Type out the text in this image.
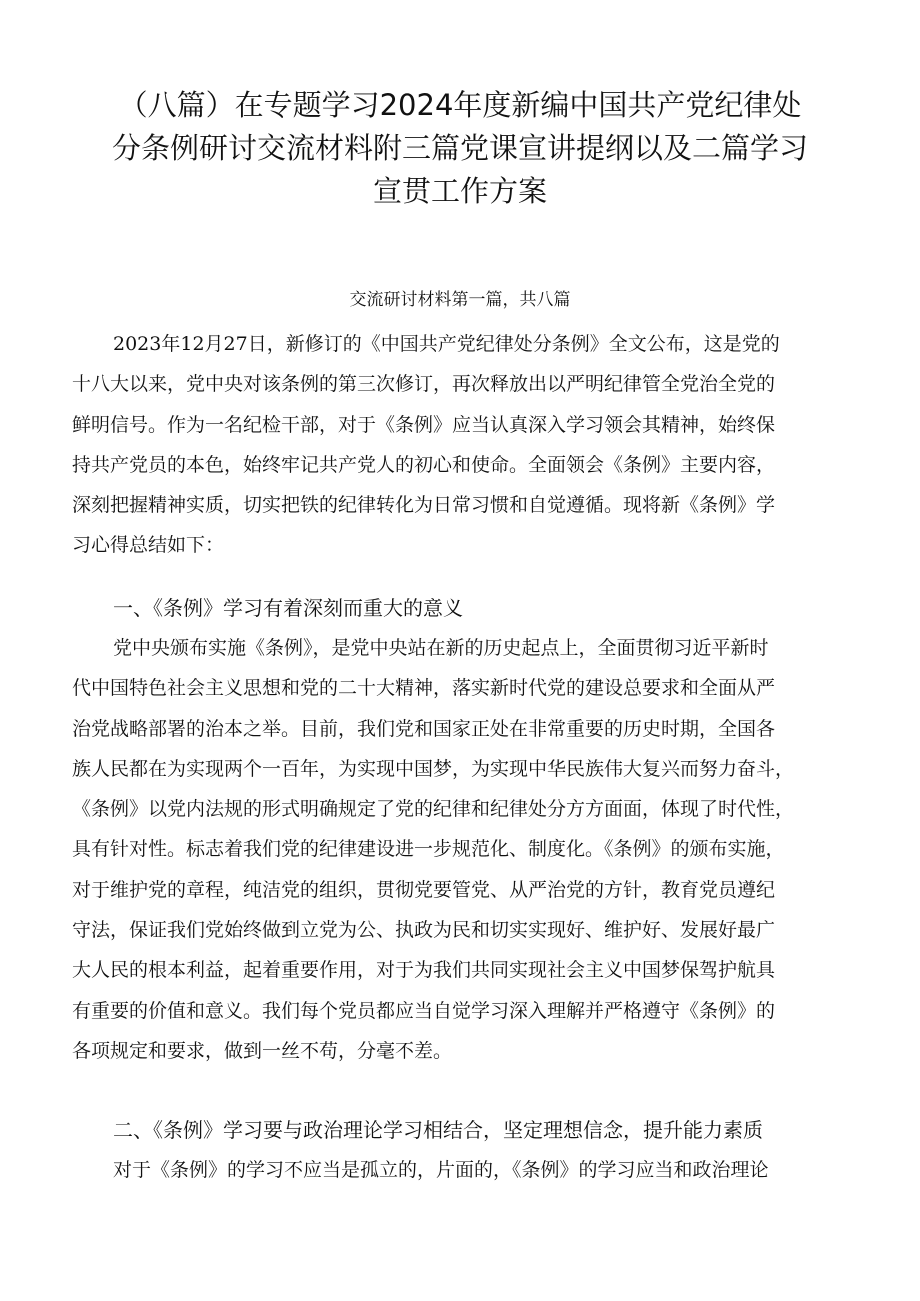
（八篇）在专题学习2024年度新编中国共产党纪律处
分条例研讨交流材料附三篇党课宣讲提纲以及二篇学习
宣贯工作方案

交流研讨材料第一篇，共八篇

2023年12月27日，新修订的《中国共产党纪律处分条例》全文公布，这是党的
十八大以来，党中央对该条例的第三次修订，再次释放出以严明纪律管全党治全党的
鲜明信号。作为一名纪检干部，对于《条例》应当认真深入学习领会其精神，始终保
持共产党员的本色，始终牢记共产党人的初心和使命。全面领会《条例》主要内容，
深刻把握精神实质，切实把铁的纪律转化为日常习惯和自觉遵循。现将新《条例》学
习心得总结如下：
一、《条例》学习有着深刻而重大的意义
党中央颁布实施《条例》，是党中央站在新的历史起点上，全面贯彻习近平新时
代中国特色社会主义思想和党的二十大精神，落实新时代党的建设总要求和全面从严
治党战略部署的治本之举。目前，我们党和国家正处在非常重要的历史时期，全国各
族人民都在为实现两个一百年，为实现中国梦，为实现中华民族伟大复兴而努力奋斗，
《条例》以党内法规的形式明确规定了党的纪律和纪律处分方方面面，体现了时代性，
具有针对性。标志着我们党的纪律建设进一步规范化、制度化。《条例》的颁布实施，
对于维护党的章程，纯洁党的组织，贯彻党要管党、从严治党的方针，教育党员遵纪
守法，保证我们党始终做到立党为公、执政为民和切实实现好、维护好、发展好最广
大人民的根本利益，起着重要作用，对于为我们共同实现社会主义中国梦保驾护航具
有重要的价值和意义。我们每个党员都应当自觉学习深入理解并严格遵守《条例》的
各项规定和要求，做到一丝不苟，分毫不差。
二、《条例》学习要与政治理论学习相结合，坚定理想信念，提升能力素质
对于《条例》的学习不应当是孤立的，片面的，《条例》的学习应当和政治理论
